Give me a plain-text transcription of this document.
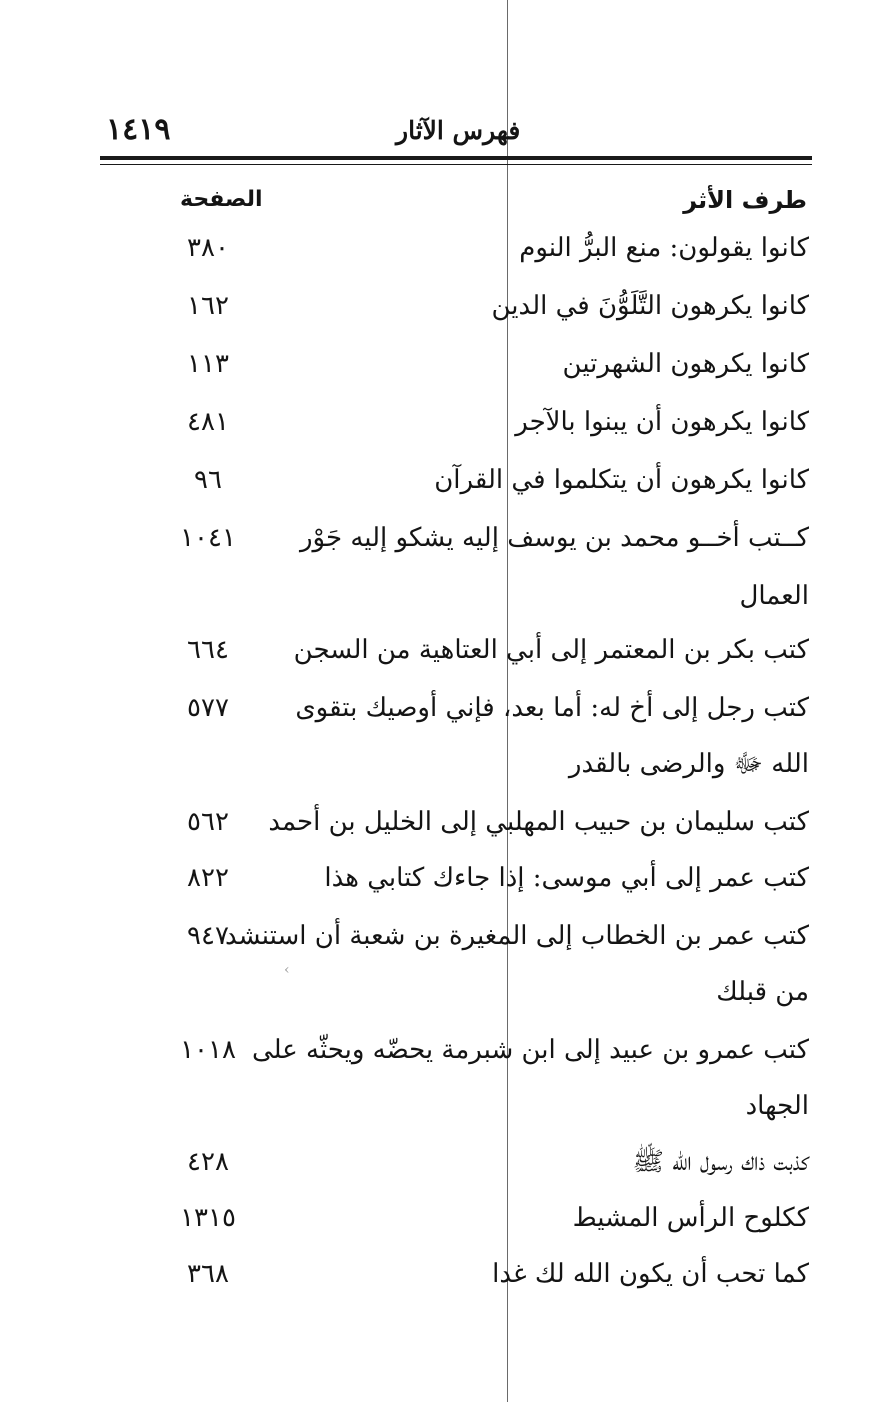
١٤١٩	فهرس الآثار
طرف الأثر
الصفحة
كانوا يقولون: منع البرُّ النوم
٣٨٠
كانوا يكرهون التَّلَوُّنَ في الدين
١٦٢
كانوا يكرهون الشهرتين
١١٣
كانوا يكرهون أن يبنوا بالآجر
٤٨١
كانوا يكرهون أن يتكلموا في القرآن
٩٦
كــتب أخــو محمد بن يوسف إليه يشكو إليه جَوْر
١٠٤١
العمال
كتب بكر بن المعتمر إلى أبي العتاهية من السجن
٦٦٤
كتب رجل إلى أخ له: أما بعد، فإني أوصيك بتقوى
٥٧٧
الله ﷻ والرضى بالقدر
كتب سليمان بن حبيب المهلبي إلى الخليل بن أحمد
٥٦٢
كتب عمر إلى أبي موسى: إذا جاءك كتابي هذا
٨٢٢
كتب عمر بن الخطاب إلى المغيرة بن شعبة أن استنشد
٩٤٧
من قبلك
كتب عمرو بن عبيد إلى ابن شبرمة يحضّه ويحثّه على
١٠١٨
الجهاد
كذبت ذاك رسول الله ﷺ
٤٢٨
ككلوح الرأس المشيط
١٣١٥
كما تحب أن يكون الله لك غدا
٣٦٨
‹
